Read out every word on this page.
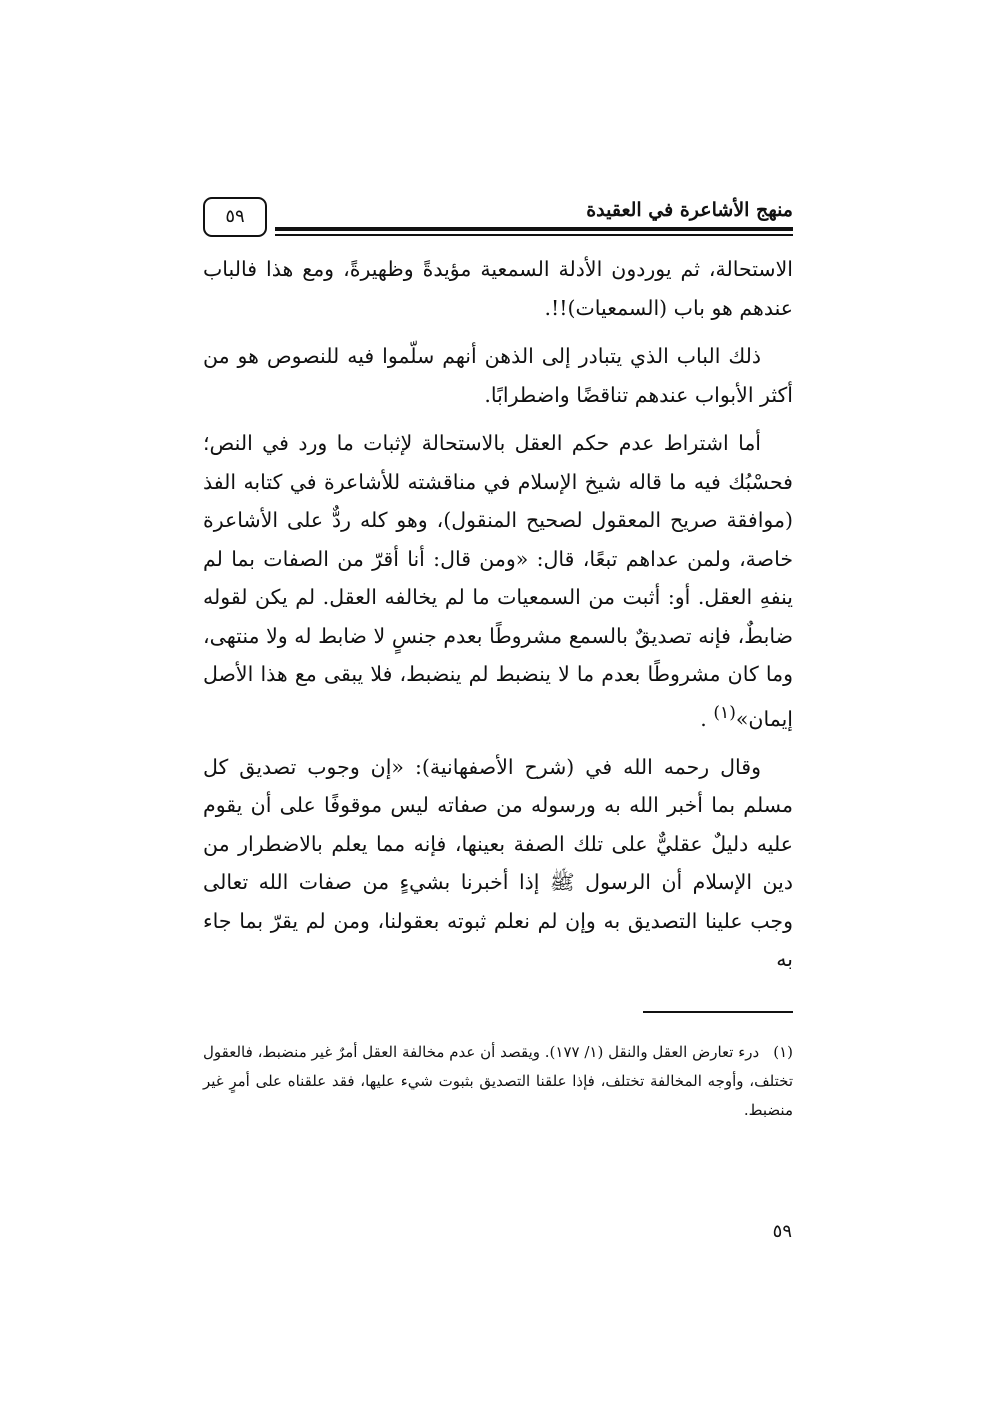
منهج الأشاعرة في العقيدة
٥٩

الاستحالة، ثم يوردون الأدلة السمعية مؤيدةً وظهيرةً، ومع هذا فالباب عندهم هو باب (السمعيات)!!.

ذلك الباب الذي يتبادر إلى الذهن أنهم سلّموا فيه للنصوص هو من أكثر الأبواب عندهم تناقضًا واضطرابًا.

أما اشتراط عدم حكم العقل بالاستحالة لإثبات ما ورد في النص؛ فحسْبُك فيه ما قاله شيخ الإسلام في مناقشته للأشاعرة في كتابه الفذ (موافقة صريح المعقول لصحيح المنقول)، وهو كله ردٌّ على الأشاعرة خاصة، ولمن عداهم تبعًا، قال: «ومن قال: أنا أقرّ من الصفات بما لم ينفهِ العقل. أو: أثبت من السمعيات ما لم يخالفه العقل. لم يكن لقوله ضابطٌ، فإنه تصديقٌ بالسمع مشروطًا بعدم جنسٍ لا ضابط له ولا منتهى، وما كان مشروطًا بعدم ما لا ينضبط لم ينضبط، فلا يبقى مع هذا الأصل إيمان»$^{(١)}$ .

وقال رحمه الله في (شرح الأصفهانية): «إن وجوب تصديق كل مسلم بما أخبر الله به ورسوله من صفاته ليس موقوفًا على أن يقوم عليه دليلٌ عقليٌّ على تلك الصفة بعينها، فإنه مما يعلم بالاضطرار من دين الإسلام أن الرسول ﷺ إذا أخبرنا بشيءٍ من صفات الله تعالى وجب علينا التصديق به وإن لم نعلم ثبوته بعقولنا، ومن لم يقرّ بما جاء به

(١)درء تعارض العقل والنقل (١/ ١٧٧). ويقصد أن عدم مخالفة العقل أمرٌ غير منضبط، فالعقول تختلف، وأوجه المخالفة تختلف، فإذا علقنا التصديق بثبوت شيء عليها، فقد علقناه على أمرٍ غير منضبط.
٥٩
